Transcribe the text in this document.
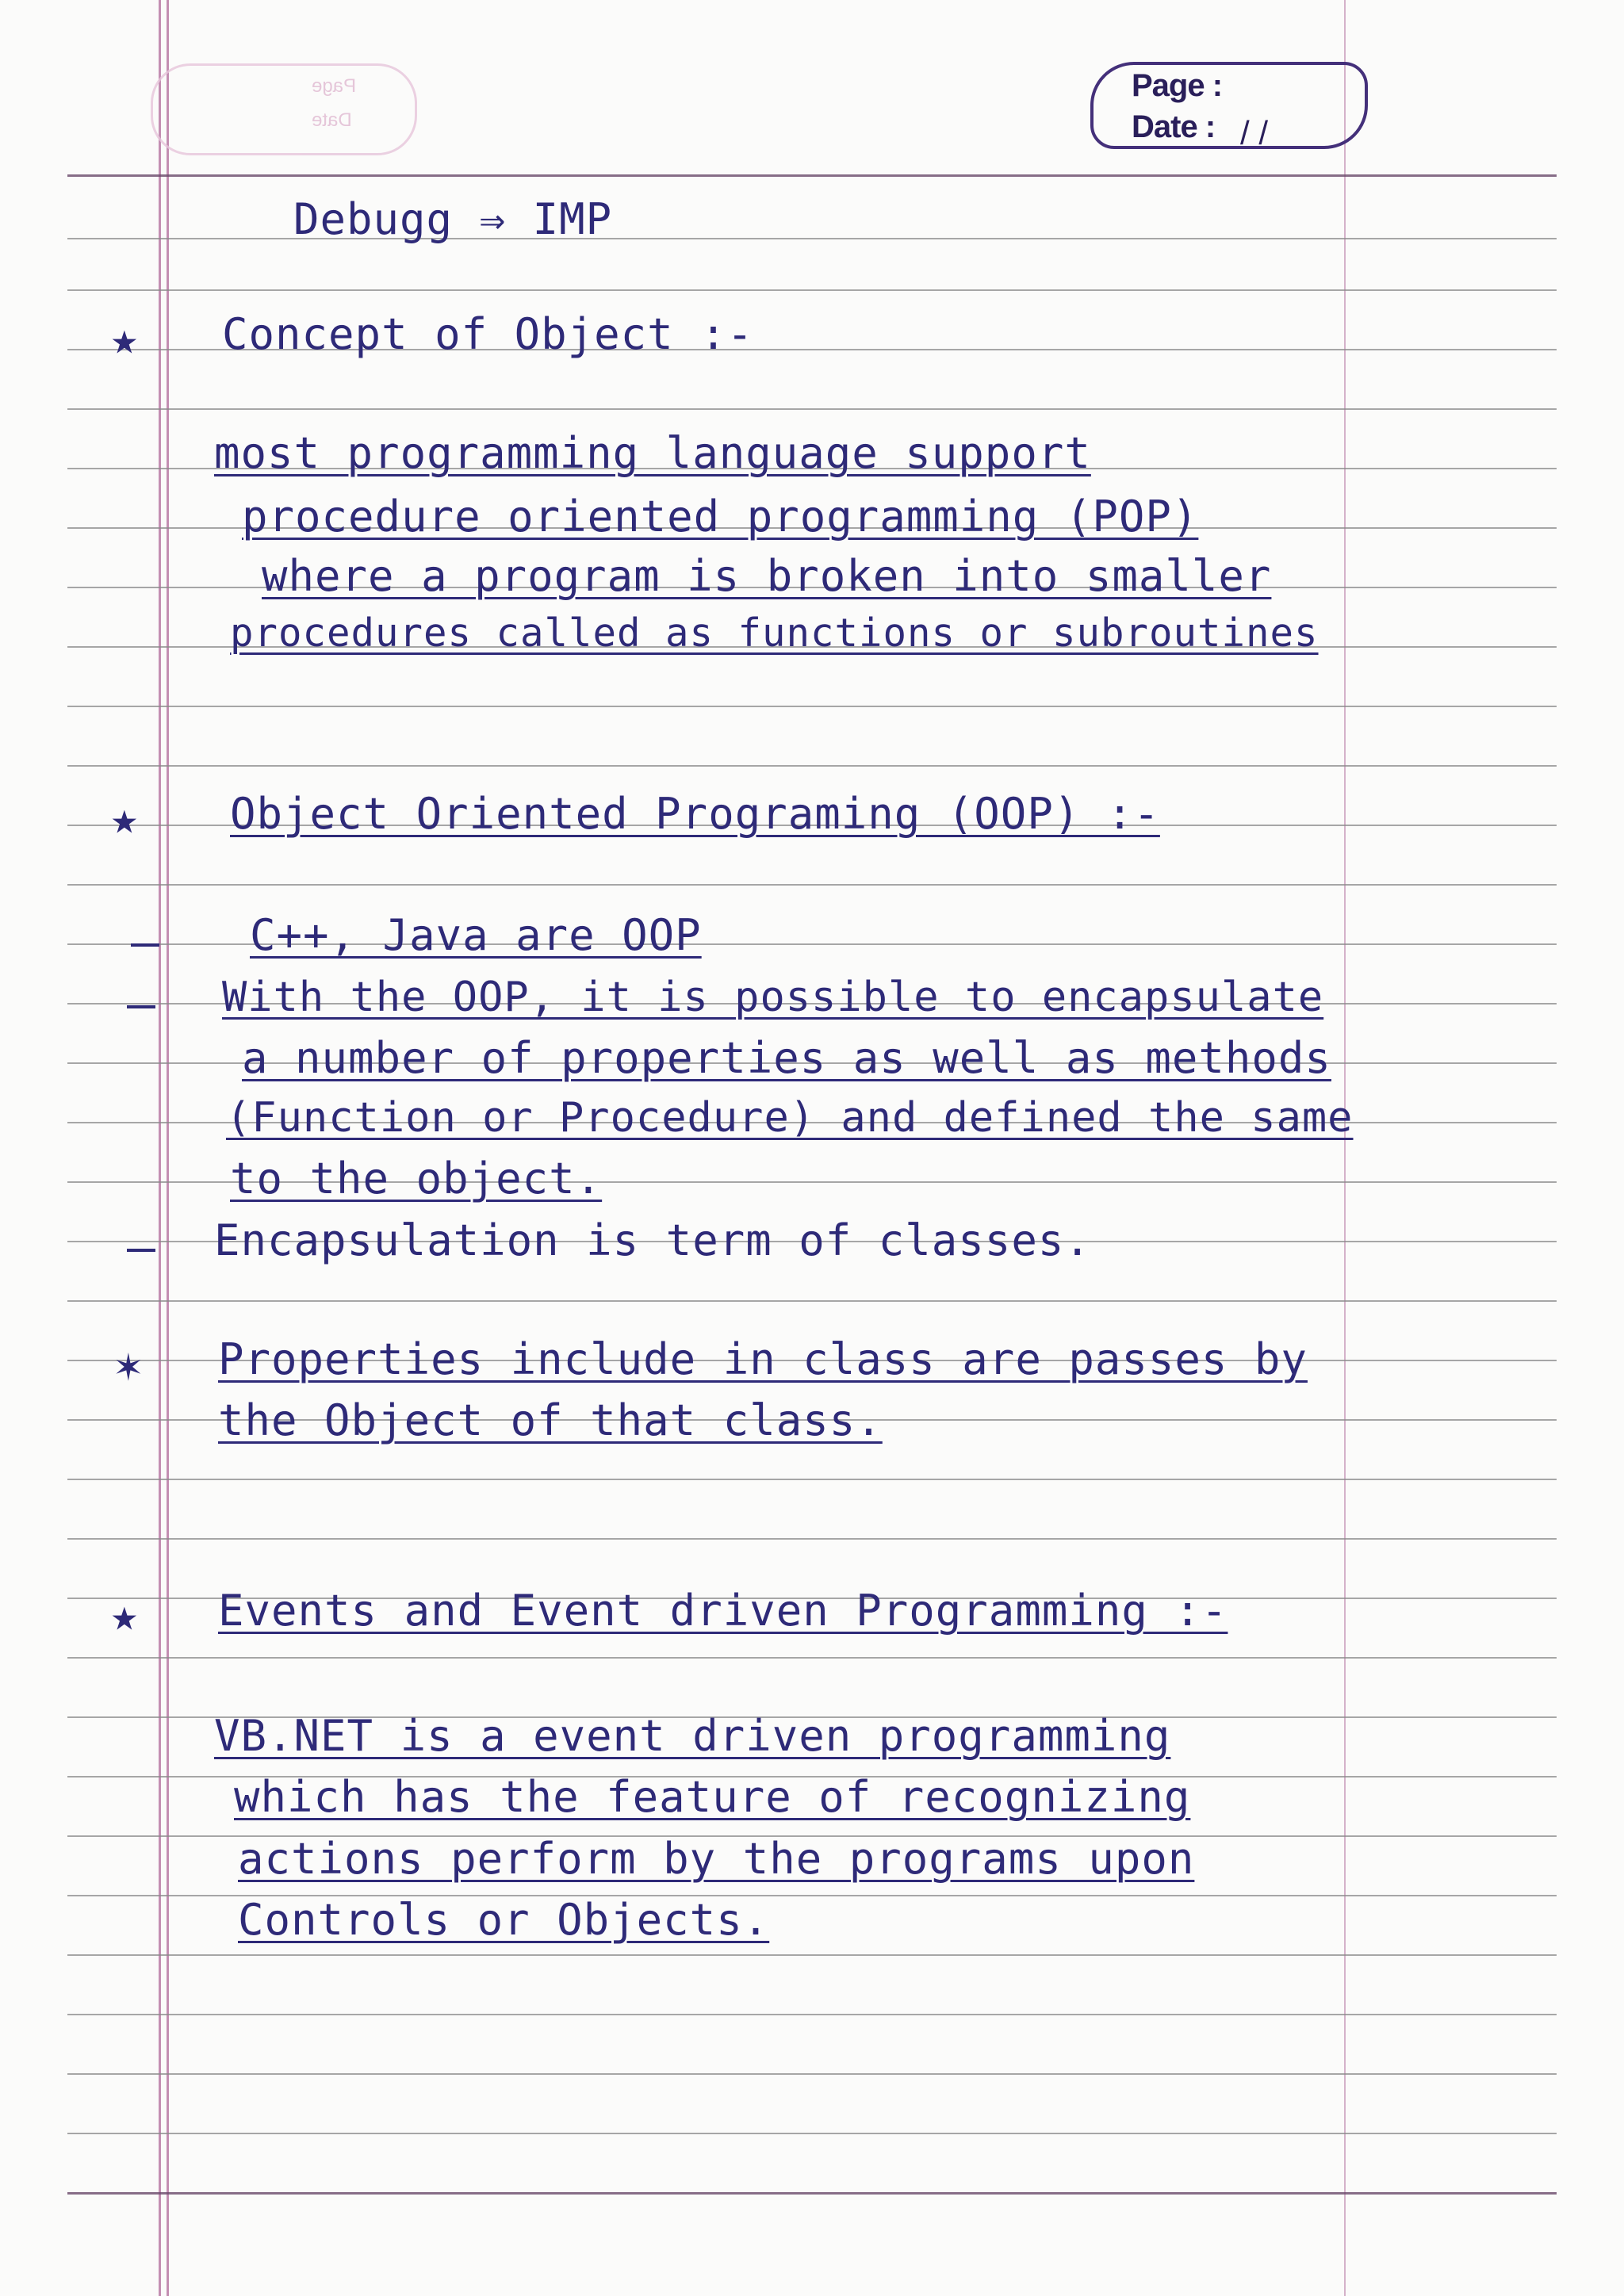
Page
Date
Page :
Date : / /
Debugg ⇒ IMP
★ Concept of Object :-
most programming language support
procedure oriented programming (POP)
where a program is broken into smaller
procedures called as functions or subroutines
★ Object Oriented Programing (OOP) :-
C++, Java are OOP
With the OOP, it is possible to encapsulate
a number of properties as well as methods
(Function or Procedure) and defined the same
to the object.
Encapsulation is term of classes.
✶ Properties include in class are passes by
the Object of that class.
★ Events and Event driven Programming :-
VB.NET is a event driven programming
which has the feature of recognizing
actions perform by the programs upon
Controls or Objects.
